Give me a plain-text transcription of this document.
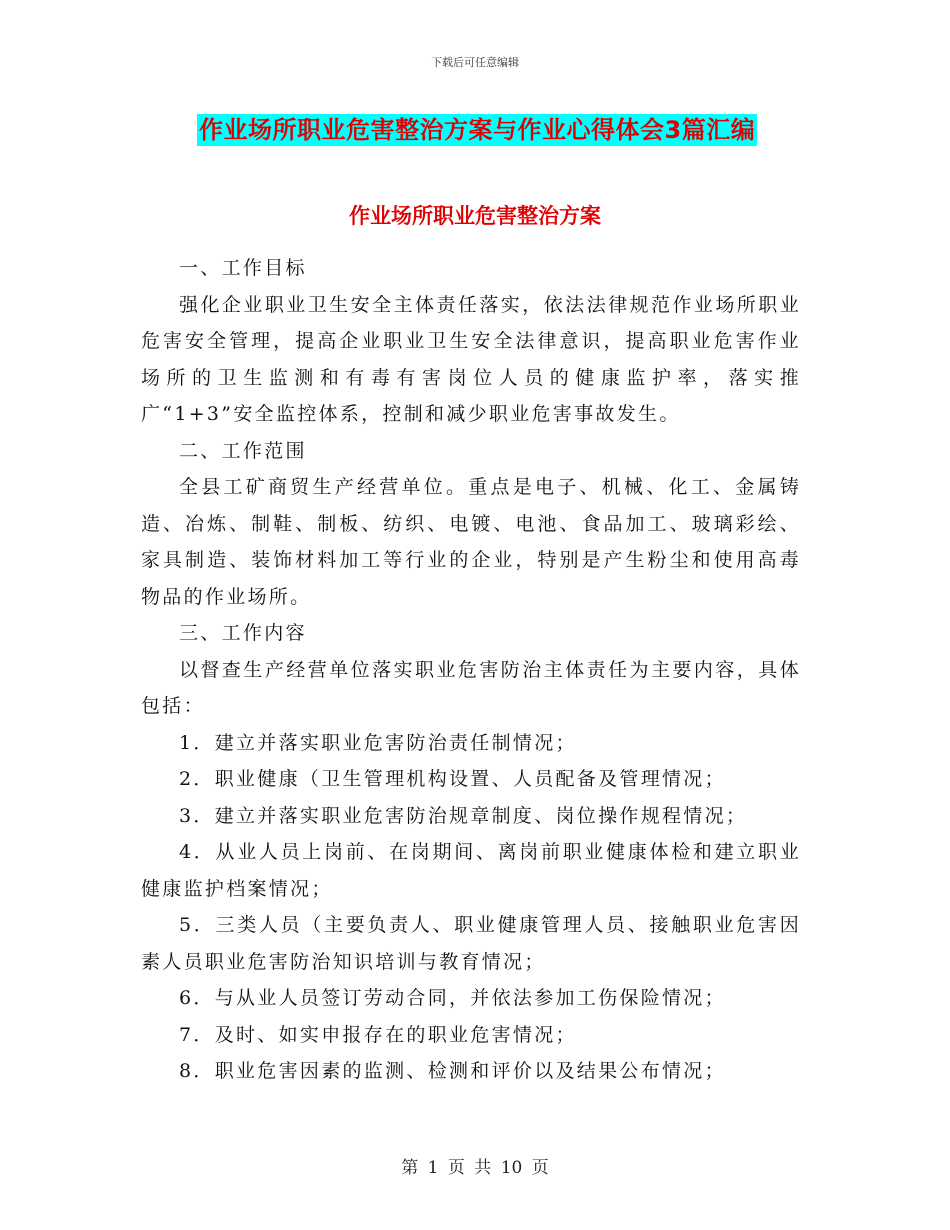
下载后可任意编辑
作业场所职业危害整治方案与作业心得体会3篇汇编
作业场所职业危害整治方案

一、工作目标

强化企业职业卫生安全主体责任落实，依法法律规范作业场所职业危害安全管理，提高企业职业卫生安全法律意识，提高职业危害作业场所的卫生监测和有毒有害岗位人员的健康监护率，落实推广“1+3”安全监控体系，控制和减少职业危害事故发生。

二、工作范围

全县工矿商贸生产经营单位。重点是电子、机械、化工、金属铸造、冶炼、制鞋、制板、纺织、电镀、电池、食品加工、玻璃彩绘、家具制造、装饰材料加工等行业的企业，特别是产生粉尘和使用高毒物品的作业场所。

三、工作内容

以督查生产经营单位落实职业危害防治主体责任为主要内容，具体包括：

1．建立并落实职业危害防治责任制情况；

2．职业健康（卫生管理机构设置、人员配备及管理情况；

3．建立并落实职业危害防治规章制度、岗位操作规程情况；

4．从业人员上岗前、在岗期间、离岗前职业健康体检和建立职业健康监护档案情况；

5．三类人员（主要负责人、职业健康管理人员、接触职业危害因素人员职业危害防治知识培训与教育情况；

6．与从业人员签订劳动合同，并依法参加工伤保险情况；

7．及时、如实申报存在的职业危害情况；

8．职业危害因素的监测、检测和评价以及结果公布情况；

第 1 页 共 10 页
